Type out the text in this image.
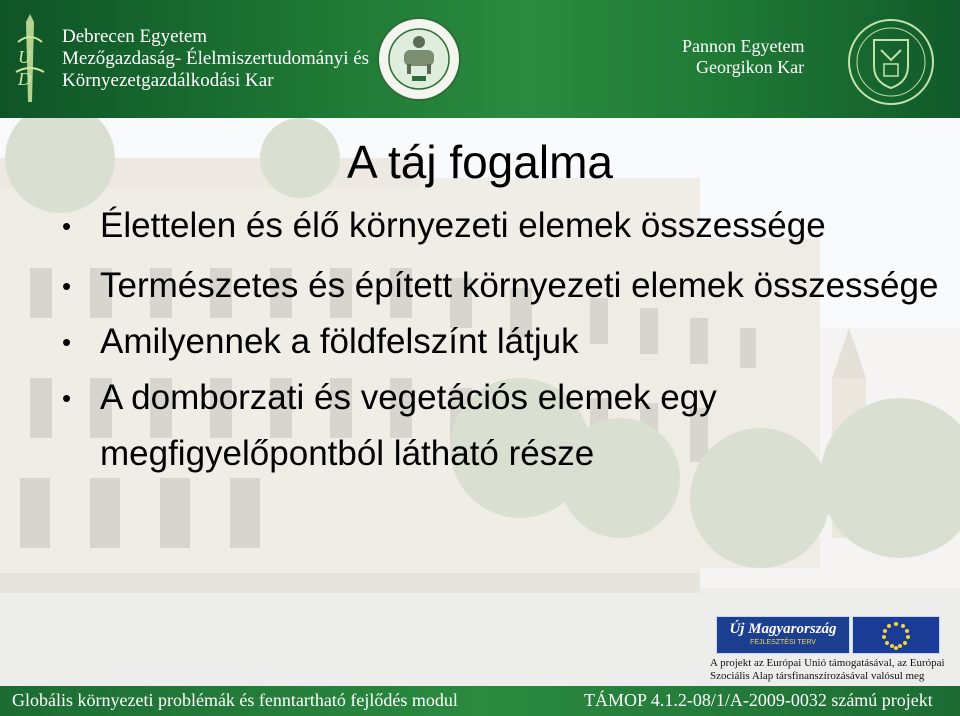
U
D
Debrecen Egyetem
Mezőgazdaság- Élelmiszertudományi és
Környezetgazdálkodási Kar
Pannon Egyetem
Georgikon Kar
A táj fogalma
• Élettelen és élő környezeti elemek összessége
• Természetes és épített környezeti elemek összessége
• Amilyennek a földfelszínt látjuk
• A domborzati és vegetációs elemek egy megfigyelőpontból látható része
Új Magyarország
FEJLESZTÉSI TERV
A projekt az Európai Unió támogatásával, az Európai
Szociális Alap társfinanszírozásával valósul meg
Globális környezeti problémák és fenntartható fejlődés modul	TÁMOP 4.1.2-08/1/A-2009-0032 számú projekt
